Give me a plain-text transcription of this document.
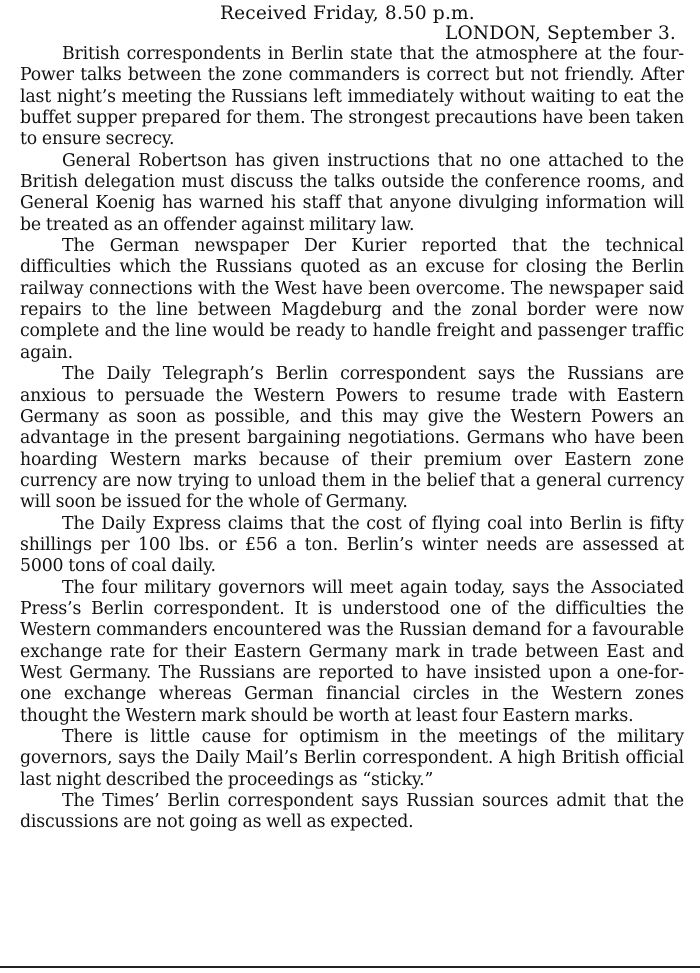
Received Friday, 8.50 p.m.
LONDON, September 3.

British correspondents in Berlin state that the atmosphere at the four-Power talks between the zone commanders is correct but not friendly. After last night’s meeting the Russians left immediately without waiting to eat the buffet supper prepared for them. The strongest precautions have been taken to ensure secrecy.

General Robertson has given instructions that no one attached to the British delegation must discuss the talks outside the conference rooms, and General Koenig has warned his staff that anyone divulging information will be treated as an offender against military law.

The German newspaper Der Kurier reported that the technical difficulties which the Russians quoted as an excuse for closing the Berlin railway connections with the West have been overcome. The newspaper said repairs to the line between Magdeburg and the zonal border were now complete and the line would be ready to handle freight and passenger traffic again.

The Daily Telegraph’s Berlin correspondent says the Russians are anxious to persuade the Western Powers to resume trade with Eastern Germany as soon as possible, and this may give the Western Powers an advantage in the present bargaining negotiations. Germans who have been hoarding Western marks because of their premium over Eastern zone currency are now trying to unload them in the belief that a general currency will soon be issued for the whole of Germany.

The Daily Express claims that the cost of flying coal into Berlin is fifty shillings per 100 lbs. or £56 a ton. Berlin’s winter needs are assessed at 5000 tons of coal daily.

The four military governors will meet again today, says the Associated Press’s Berlin correspondent. It is understood one of the difficulties the Western commanders encountered was the Russian demand for a favourable exchange rate for their Eastern Germany mark in trade between East and West Germany. The Russians are reported to have insisted upon a one-for-one exchange whereas German financial circles in the Western zones thought the Western mark should be worth at least four Eastern marks.

There is little cause for optimism in the meetings of the military governors, says the Daily Mail’s Berlin correspondent. A high British official last night described the proceedings as “sticky.”

The Times’ Berlin correspondent says Russian sources admit that the discussions are not going as well as expected.
